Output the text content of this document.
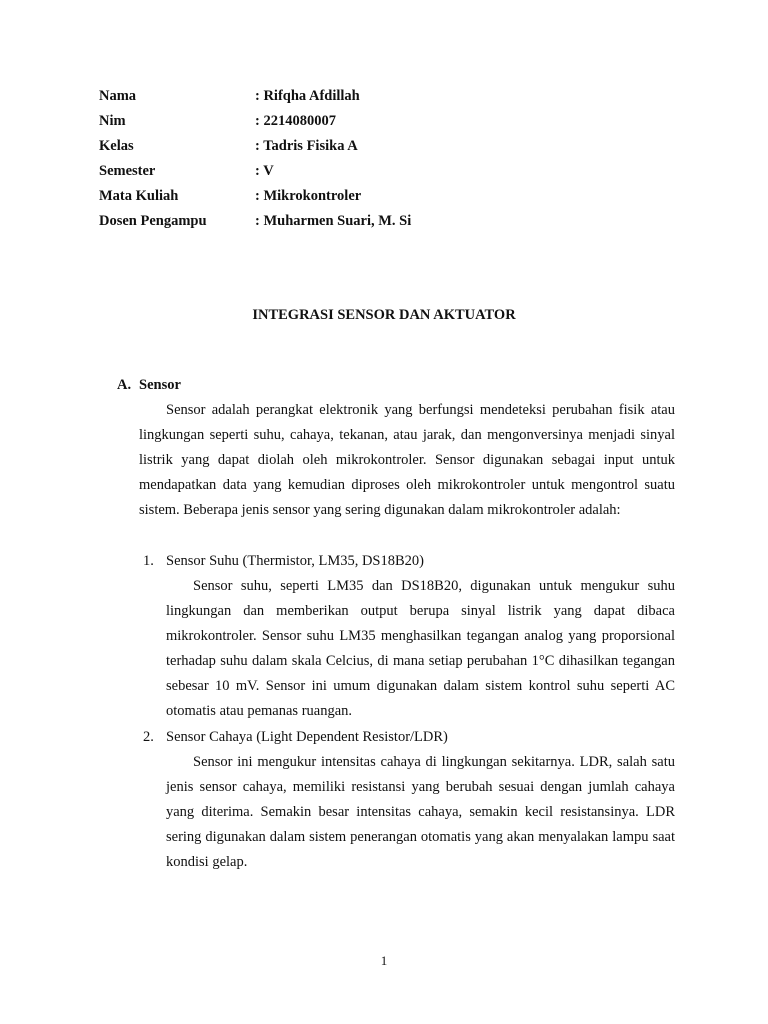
Nama	: Rifqha Afdillah
Nim	: 2214080007
Kelas	: Tadris Fisika A
Semester	: V
Mata Kuliah	: Mikrokontroler
Dosen Pengampu	: Muharmen Suari, M. Si
INTEGRASI SENSOR DAN AKTUATOR
A. Sensor

Sensor adalah perangkat elektronik yang berfungsi mendeteksi perubahan fisik atau lingkungan seperti suhu, cahaya, tekanan, atau jarak, dan mengonversinya menjadi sinyal listrik yang dapat diolah oleh mikrokontroler. Sensor digunakan sebagai input untuk mendapatkan data yang kemudian diproses oleh mikrokontroler untuk mengontrol suatu sistem. Beberapa jenis sensor yang sering digunakan dalam mikrokontroler adalah:

1. Sensor Suhu (Thermistor, LM35, DS18B20)

Sensor suhu, seperti LM35 dan DS18B20, digunakan untuk mengukur suhu lingkungan dan memberikan output berupa sinyal listrik yang dapat dibaca mikrokontroler. Sensor suhu LM35 menghasilkan tegangan analog yang proporsional terhadap suhu dalam skala Celcius, di mana setiap perubahan 1°C dihasilkan tegangan sebesar 10 mV. Sensor ini umum digunakan dalam sistem kontrol suhu seperti AC otomatis atau pemanas ruangan.

2. Sensor Cahaya (Light Dependent Resistor/LDR)

Sensor ini mengukur intensitas cahaya di lingkungan sekitarnya. LDR, salah satu jenis sensor cahaya, memiliki resistansi yang berubah sesuai dengan jumlah cahaya yang diterima. Semakin besar intensitas cahaya, semakin kecil resistansinya. LDR sering digunakan dalam sistem penerangan otomatis yang akan menyalakan lampu saat kondisi gelap.

1
